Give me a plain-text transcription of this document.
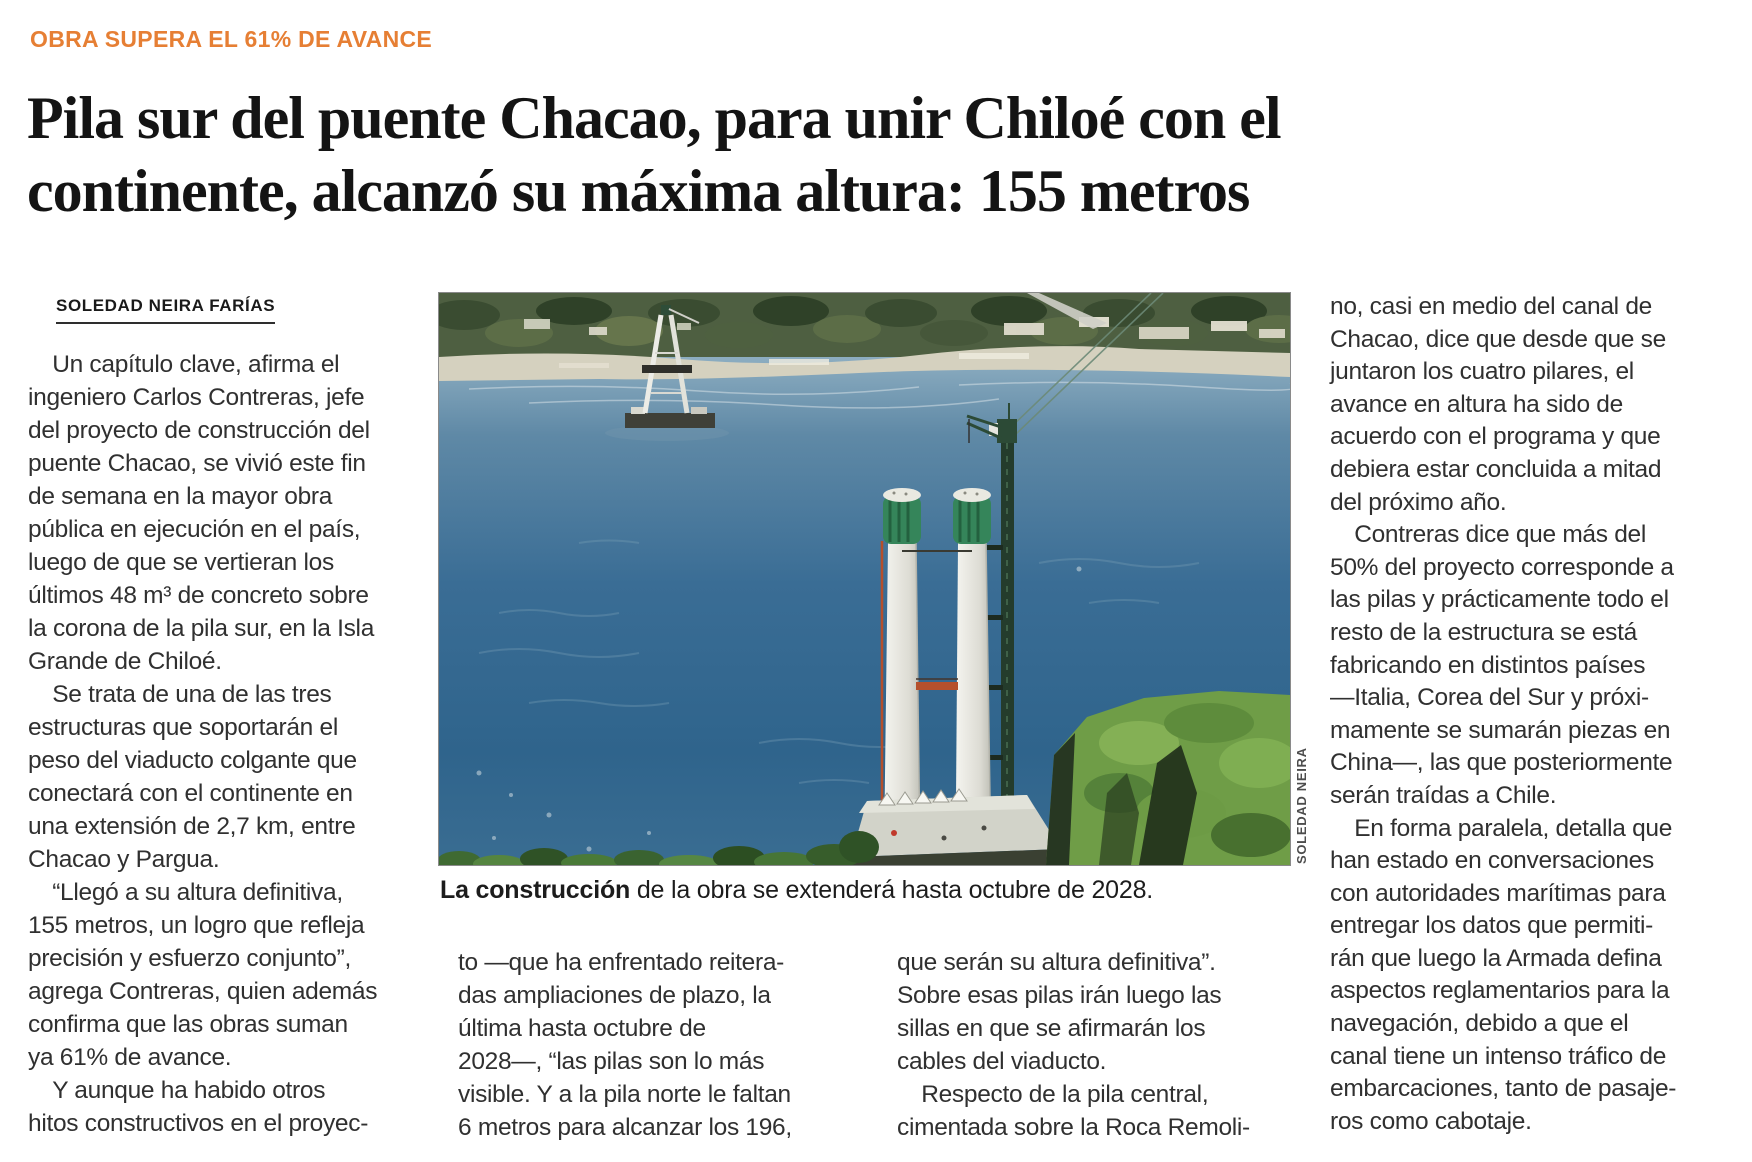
OBRA SUPERA EL 61% DE AVANCE
Pila sur del puente Chacao, para unir Chiloé con el
continente, alcanzó su máxima altura: 155 metros
SOLEDAD NEIRA FARÍAS
 Un capítulo clave, afirma el
ingeniero Carlos Contreras, jefe
del proyecto de construcción del
puente Chacao, se vivió este fin
de semana en la mayor obra
pública en ejecución en el país,
luego de que se vertieran los
últimos 48 m³ de concreto sobre
la corona de la pila sur, en la Isla
Grande de Chiloé.
 Se trata de una de las tres
estructuras que soportarán el
peso del viaducto colgante que
conectará con el continente en
una extensión de 2,7 km, entre
Chacao y Pargua.
 “Llegó a su altura definitiva,
155 metros, un logro que refleja
precisión y esfuerzo conjunto”,
agrega Contreras, quien además
confirma que las obras suman
ya 61% de avance.
 Y aunque ha habido otros
hitos constructivos en el proyec-
SOLEDAD NEIRA
La construcción de la obra se extenderá hasta octubre de 2028.
to —que ha enfrentado reitera-
das ampliaciones de plazo, la
última hasta octubre de
2028—, “las pilas son lo más
visible. Y a la pila norte le faltan
6 metros para alcanzar los 196,
que serán su altura definitiva”.
Sobre esas pilas irán luego las
sillas en que se afirmarán los
cables del viaducto.
 Respecto de la pila central,
cimentada sobre la Roca Remoli-
no, casi en medio del canal de
Chacao, dice que desde que se
juntaron los cuatro pilares, el
avance en altura ha sido de
acuerdo con el programa y que
debiera estar concluida a mitad
del próximo año.
 Contreras dice que más del
50% del proyecto corresponde a
las pilas y prácticamente todo el
resto de la estructura se está
fabricando en distintos países
—Italia, Corea del Sur y próxi-
mamente se sumarán piezas en
China—, las que posteriormente
serán traídas a Chile.
 En forma paralela, detalla que
han estado en conversaciones
con autoridades marítimas para
entregar los datos que permiti-
rán que luego la Armada defina
aspectos reglamentarios para la
navegación, debido a que el
canal tiene un intenso tráfico de
embarcaciones, tanto de pasaje-
ros como cabotaje.
